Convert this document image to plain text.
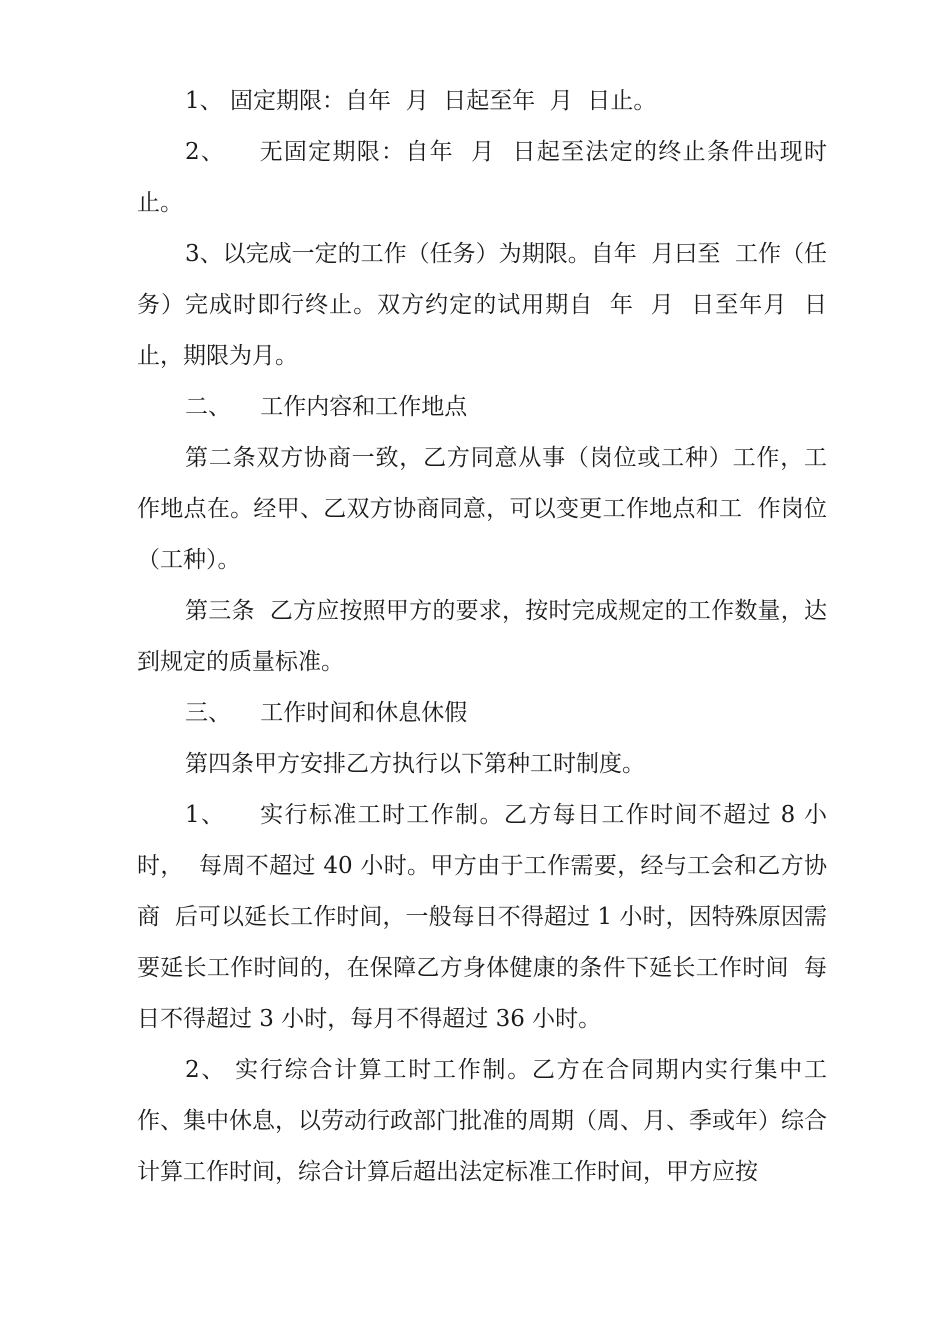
1、 固定期限：自年  月  日起至年  月  日止。

2、    无固定期限：自年  月  日起至法定的终止条件出现时止。

3、以完成一定的工作（任务）为期限。自年  月曰至  工作（任  务）完成时即行终止。双方约定的试用期自  年  月  日至年月  日止，期限为月。

二、    工作内容和工作地点

第二条双方协商一致，乙方同意从事（岗位或工种）工作，工作地点在。经甲、乙双方协商同意，可以变更工作地点和工  作岗位（工种）。

第三条  乙方应按照甲方的要求，按时完成规定的工作数量，达到规定的质量标准。

三、    工作时间和休息休假

第四条甲方安排乙方执行以下第种工时制度。

1、    实行标准工时工作制。乙方每日工作时间不超过 8 小时，  每周不超过 40 小时。甲方由于工作需要，经与工会和乙方协商  后可以延长工作时间，一般每日不得超过 1 小时，因特殊原因需  要延长工作时间的，在保障乙方身体健康的条件下延长工作时间  每日不得超过 3 小时，每月不得超过 36 小时。

2、 实行综合计算工时工作制。乙方在合同期内实行集中工作、集中休息，以劳动行政部门批准的周期（周、月、季或年）综合计算工作时间，综合计算后超出法定标准工作时间，甲方应按
